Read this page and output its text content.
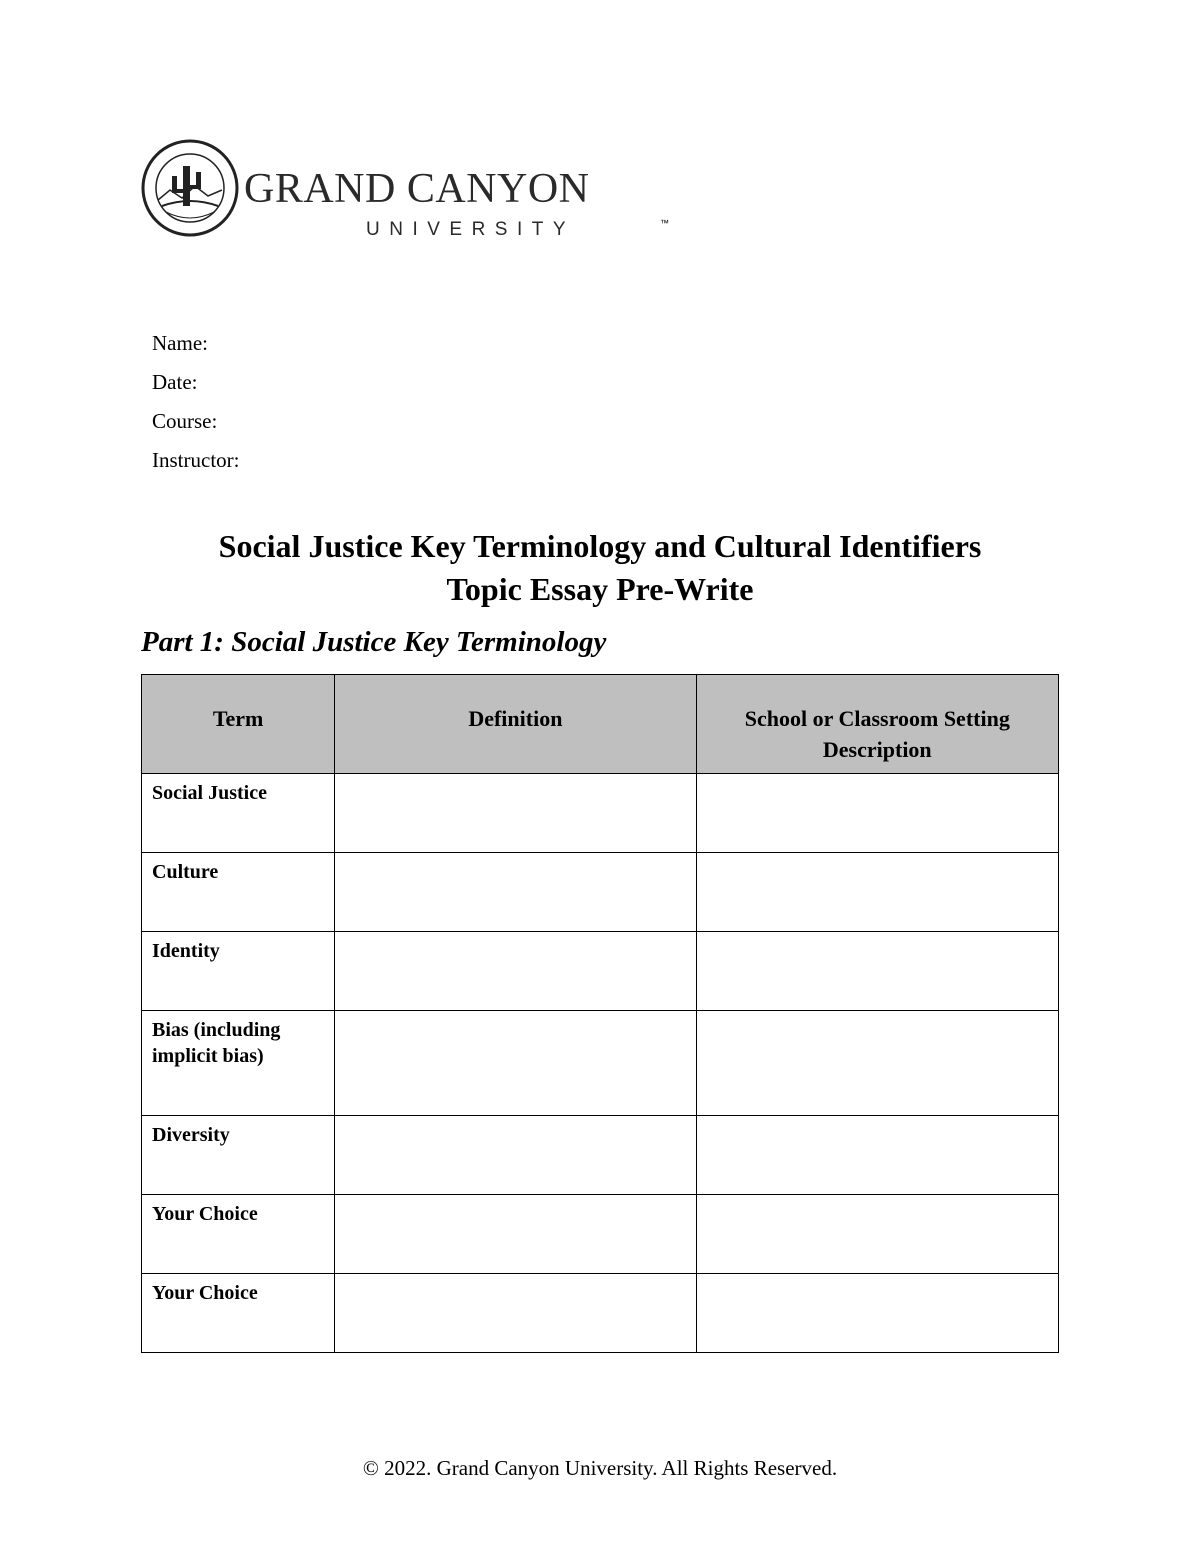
GRAND CANYON
UNIVERSITY	™
Name:
Date:
Course:
Instructor:
Social Justice Key Terminology and Cultural Identifiers
Topic Essay Pre-Write
Part 1: Social Justice Key Terminology
Term	Definition	School or Classroom Setting Description
Social Justice		
Culture		
Identity		
Bias (including implicit bias)		
Diversity		
Your Choice		
Your Choice		
© 2022. Grand Canyon University. All Rights Reserved.
